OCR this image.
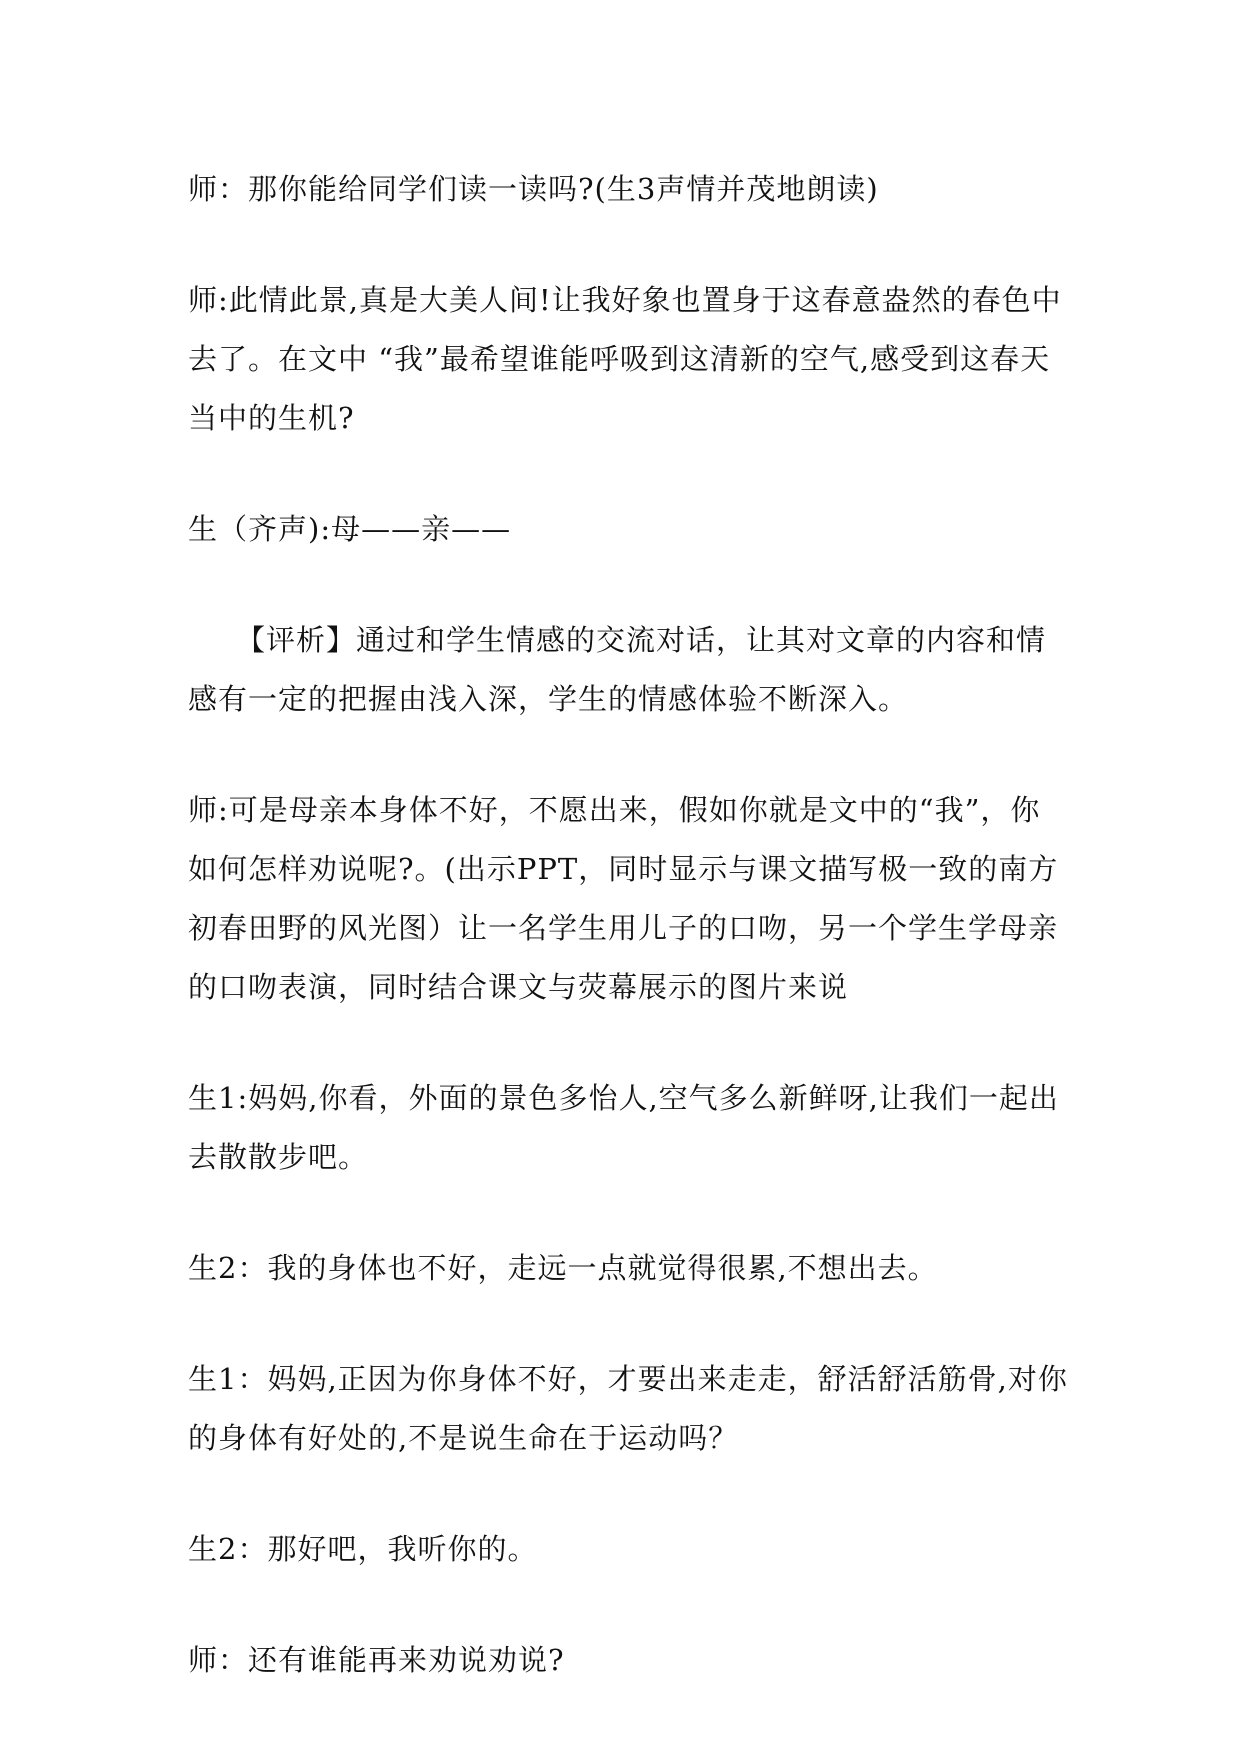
师：那你能给同学们读一读吗?(生3声情并茂地朗读)

师:此情此景,真是大美人间!让我好象也置身于这春意盎然的春色中去了。在文中 “我”最希望谁能呼吸到这清新的空气,感受到这春天当中的生机?

生（齐声):母——亲——

【评析】通过和学生情感的交流对话，让其对文章的内容和情感有一定的把握由浅入深，学生的情感体验不断深入。

师:可是母亲本身体不好，不愿出来，假如你就是文中的“我”，你如何怎样劝说呢?。(出示PPT，同时显示与课文描写极一致的南方初春田野的风光图）让一名学生用儿子的口吻，另一个学生学母亲的口吻表演，同时结合课文与荧幕展示的图片来说

生1:妈妈,你看，外面的景色多怡人,空气多么新鲜呀,让我们一起出去散散步吧。

生2：我的身体也不好，走远一点就觉得很累,不想出去。

生1：妈妈,正因为你身体不好，才要出来走走，舒活舒活筋骨,对你的身体有好处的,不是说生命在于运动吗？

生2：那好吧，我听你的。

师：还有谁能再来劝说劝说?
